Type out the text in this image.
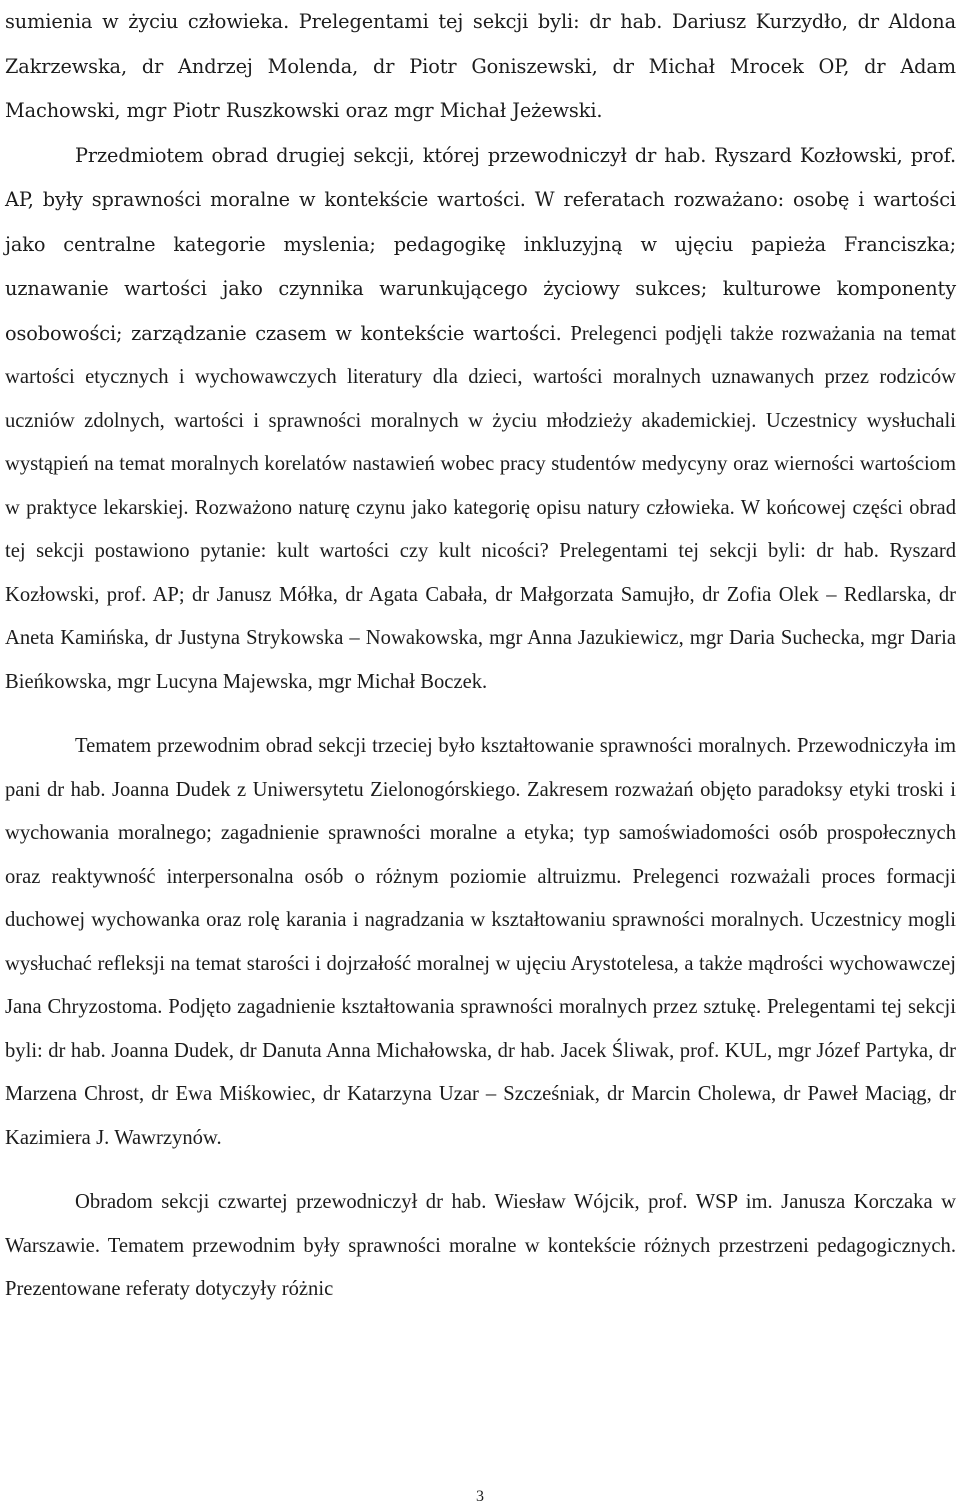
sumienia w życiu człowieka. Prelegentami tej sekcji byli: dr hab. Dariusz Kurzydło, dr Aldona Zakrzewska, dr Andrzej Molenda, dr Piotr Goniszewski, dr Michał Mrocek OP, dr Adam Machowski, mgr Piotr Ruszkowski oraz mgr Michał Jeżewski.

Przedmiotem obrad drugiej sekcji, której przewodniczył dr hab. Ryszard Kozłowski, prof. AP, były sprawności moralne w kontekście wartości. W referatach rozważano: osobę i wartości jako centralne kategorie myslenia; pedagogikę inkluzyjną w ujęciu papieża Franciszka; uznawanie wartości jako czynnika warunkującego życiowy sukces; kulturowe komponenty osobowości; zarządzanie czasem w kontekście wartości. Prelegenci podjęli także rozważania na temat wartości etycznych i wychowawczych literatury dla dzieci, wartości moralnych uznawanych przez rodziców uczniów zdolnych, wartości i sprawności moralnych w życiu młodzieży akademickiej. Uczestnicy wysłuchali wystąpień na temat moralnych korelatów nastawień wobec pracy studentów medycyny oraz wierności wartościom w praktyce lekarskiej. Rozważono naturę czynu jako kategorię opisu natury człowieka. W końcowej części obrad tej sekcji postawiono pytanie: kult wartości czy kult nicości? Prelegentami tej sekcji byli: dr hab. Ryszard Kozłowski, prof. AP; dr Janusz Mółka, dr Agata Cabała, dr Małgorzata Samujło, dr Zofia Olek – Redlarska, dr Aneta Kamińska, dr Justyna Strykowska – Nowakowska, mgr Anna Jazukiewicz, mgr Daria Suchecka, mgr Daria Bieńkowska, mgr Lucyna Majewska, mgr Michał Boczek.

Tematem przewodnim obrad sekcji trzeciej było kształtowanie sprawności moralnych. Przewodniczyła im pani dr hab. Joanna Dudek z Uniwersytetu Zielonogórskiego. Zakresem rozważań objęto paradoksy etyki troski i wychowania moralnego; zagadnienie sprawności moralne a etyka; typ samoświadomości osób prospołecznych oraz reaktywność interpersonalna osób o różnym poziomie altruizmu. Prelegenci rozważali proces formacji duchowej wychowanka oraz rolę karania i nagradzania w kształtowaniu sprawności moralnych. Uczestnicy mogli wysłuchać refleksji na temat starości i dojrzałość moralnej w ujęciu Arystotelesa, a także mądrości wychowawczej Jana Chryzostoma. Podjęto zagadnienie kształtowania sprawności moralnych przez sztukę. Prelegentami tej sekcji byli: dr hab. Joanna Dudek, dr Danuta Anna Michałowska, dr hab. Jacek Śliwak, prof. KUL, mgr Józef Partyka, dr Marzena Chrost, dr Ewa Miśkowiec, dr Katarzyna Uzar – Szcześniak, dr Marcin Cholewa, dr Paweł Maciąg, dr Kazimiera J. Wawrzynów.

Obradom sekcji czwartej przewodniczył dr hab. Wiesław Wójcik, prof. WSP im. Janusza Korczaka w Warszawie. Tematem przewodnim były sprawności moralne w kontekście różnych przestrzeni pedagogicznych. Prezentowane referaty dotyczyły różnic

3
